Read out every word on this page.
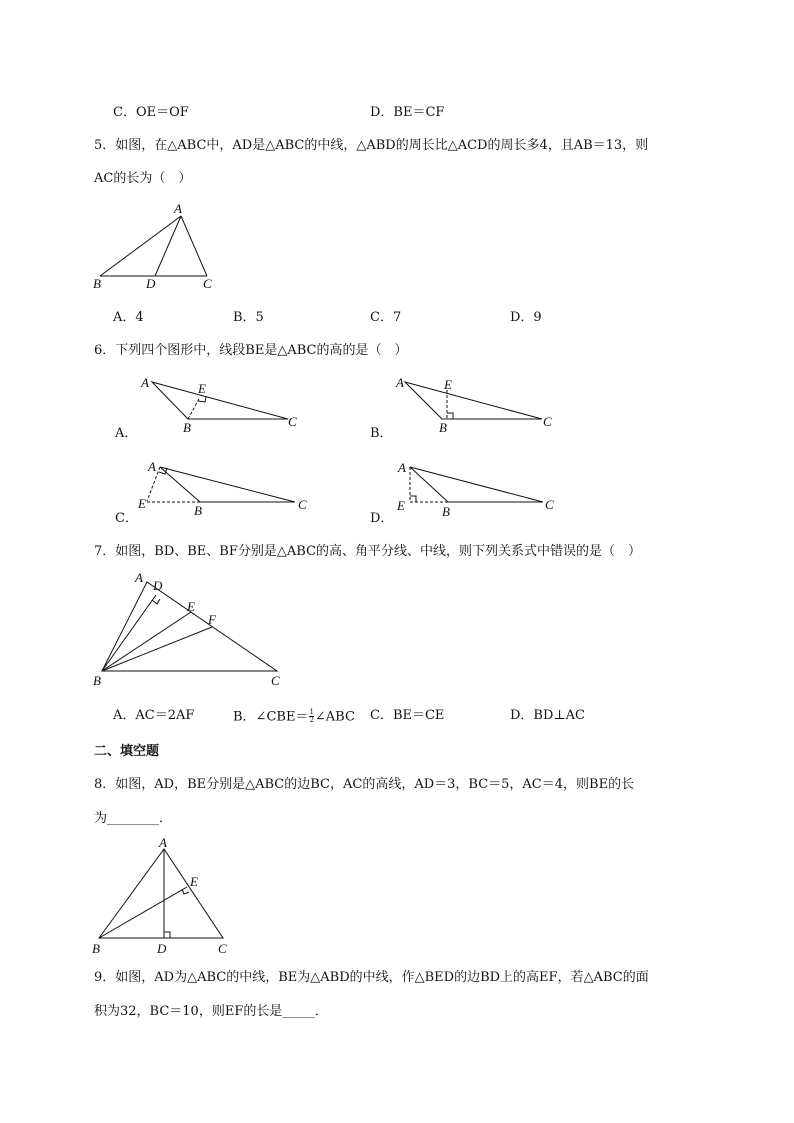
C．OE＝OF	D．BE＝CF
5．如图，在△ABC中，AD是△ABC的中线，△ABD的周长比△ACD的周长多4，且AB＝13，则
AC的长为（　）
A
B	D	C
A．4	B．5	C．7	D．9
6．下列四个图形中，线段BE是△ABC的高的是（　）
A	E
B	C
A．
A	E
B	C
B．
A
E	B	C
C．
A
E	B	C
D．
7．如图，BD、BE、BF分别是△ABC的高、角平分线、中线，则下列关系式中错误的是（　）
A
D
E
F
B	C
A．AC＝2AF	B．∠CBE＝ $\frac{1}{2}$ ∠ABC C．BE＝CE	D．BD⊥AC
二、填空题
8．如图，AD，BE分别是△ABC的边BC，AC的高线，AD＝3，BC＝5，AC＝4，则BE的长
为________．
A
E
B	D	C
9．如图，AD为△ABC的中线，BE为△ABD的中线，作△BED的边BD上的高EF，若△ABC的面
积为32，BC＝10，则EF的长是_____．
